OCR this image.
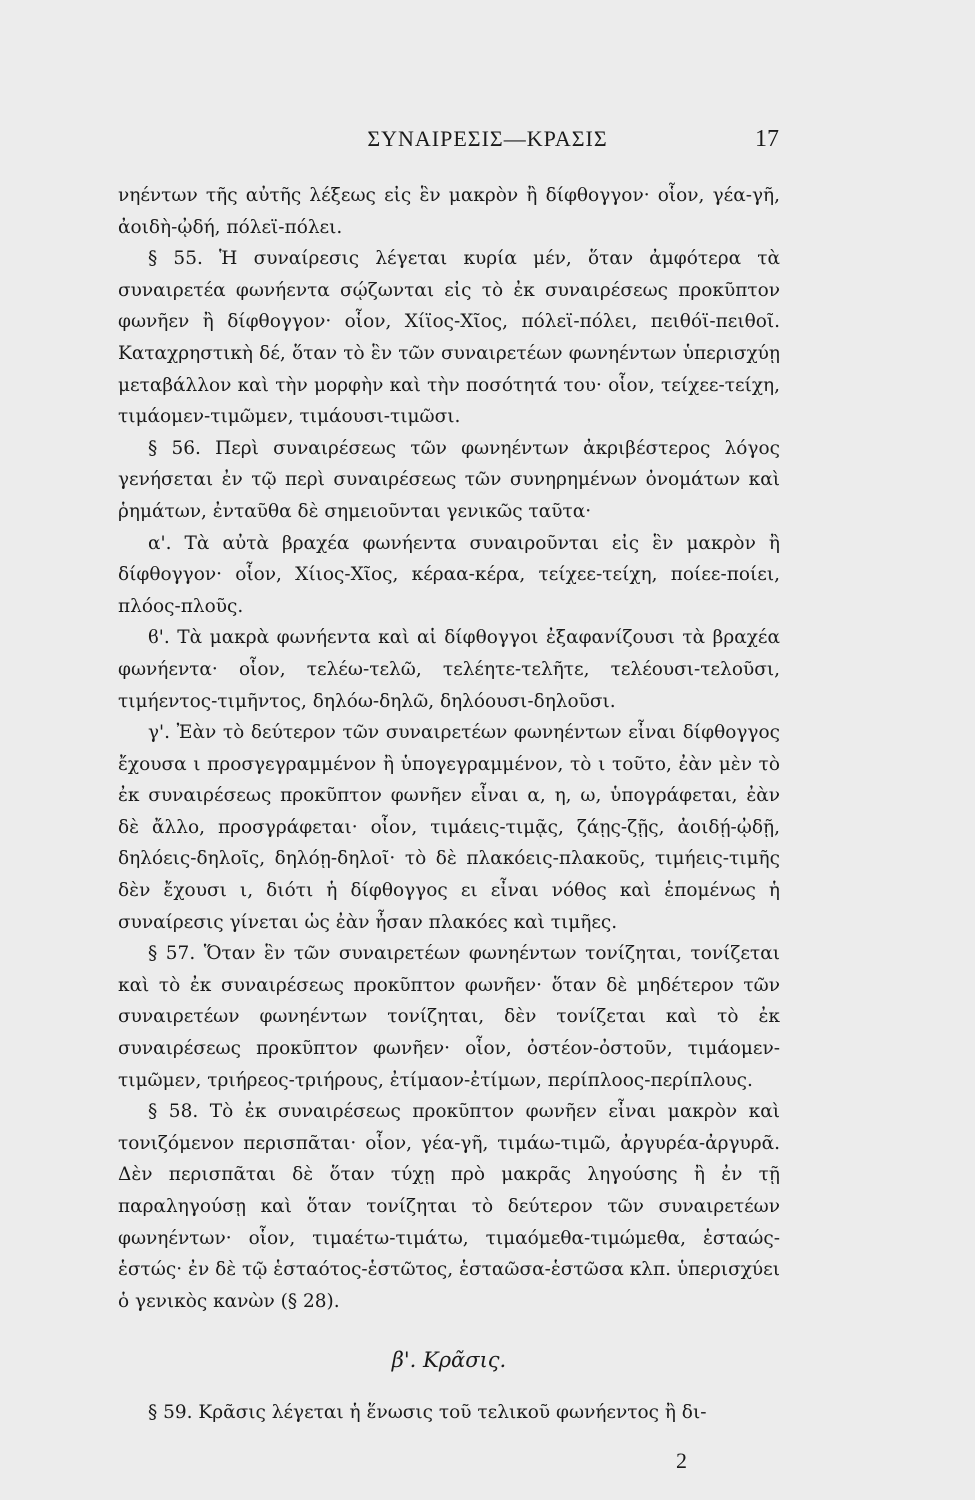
ΣΥΝΑΙΡΕΣΙΣ—ΚΡΑΣΙΣ	17

νηέντων τῆς αὐτῆς λέξεως εἰς ἓν μακρὸν ἢ δίφθογγον· οἷον, γέα-γῆ, ἀοιδὴ-ᾠδή, πόλεϊ-πόλει.

§ 55. Ἡ συναίρεσις λέγεται κυρία μέν, ὅταν ἀμφότερα τὰ συναιρετέα φωνήεντα σῴζωνται εἰς τὸ ἐκ συναιρέσεως προκῦπτον φωνῆεν ἢ δίφθογγον· οἷον, Χίϊος-Χῖος, πόλεϊ-πόλει, πειθόϊ-πειθοῖ. Καταχρηστικὴ δέ, ὅταν τὸ ἓν τῶν συναιρετέων φωνηέντων ὑπερισχύῃ μεταβάλλον καὶ τὴν μορφὴν καὶ τὴν ποσότητά του· οἷον, τείχεε-τείχη, τιμάομεν-τιμῶμεν, τιμάουσι-τιμῶσι.

§ 56. Περὶ συναιρέσεως τῶν φωνηέντων ἀκριβέστερος λόγος γενήσεται ἐν τῷ περὶ συναιρέσεως τῶν συνηρημένων ὀνομάτων καὶ ῥημάτων, ἐνταῦθα δὲ σημειοῦνται γενικῶς ταῦτα·

α'. Τὰ αὐτὰ βραχέα φωνήεντα συναιροῦνται εἰς ἓν μακρὸν ἢ δίφθογγον· οἷον, Χίιος-Χῖος, κέραα-κέρα, τείχεε-τείχη, ποίεε-ποίει, πλόος-πλοῦς.

ϐ'. Τὰ μακρὰ φωνήεντα καὶ αἱ δίφθογγοι ἐξαφανίζουσι τὰ βραχέα φωνήεντα· οἷον, τελέω-τελῶ, τελέητε-τελῆτε, τελέουσι-τελοῦσι, τιμήεντος-τιμῆντος, δηλόω-δηλῶ, δηλόουσι-δηλοῦσι.

γ'. Ἐὰν τὸ δεύτερον τῶν συναιρετέων φωνηέντων εἶναι δίφθογγος ἔχουσα ι προσγεγραμμένον ἢ ὑπογεγραμμένον, τὸ ι τοῦτο, ἐὰν μὲν τὸ ἐκ συναιρέσεως προκῦπτον φωνῆεν εἶναι α, η, ω, ὑπογράφεται, ἐὰν δὲ ἄλλο, προσγράφεται· οἷον, τιμάεις-τιμᾷς, ζάῃς-ζῇς, ἀοιδῄ-ᾠδῇ, δηλόεις-δηλοῖς, δηλόῃ-δηλοῖ· τὸ δὲ πλακόεις-πλακοῦς, τιμήεις-τιμῆς δὲν ἔχουσι ι, διότι ἡ δίφθογγος ει εἶναι νόθος καὶ ἑπομένως ἡ συναίρεσις γίνεται ὡς ἐὰν ἦσαν πλακόες καὶ τιμῆες.

§ 57. Ὅταν ἓν τῶν συναιρετέων φωνηέντων τονίζηται, τονίζεται καὶ τὸ ἐκ συναιρέσεως προκῦπτον φωνῆεν· ὅταν δὲ μηδέτερον τῶν συναιρετέων φωνηέντων τονίζηται, δὲν τονίζεται καὶ τὸ ἐκ συναιρέσεως προκῦπτον φωνῆεν· οἷον, ὀστέον-ὀστοῦν, τιμάομεν-τιμῶμεν, τριήρεος-τριήρους, ἐτίμαον-ἐτίμων, περίπλοος-περίπλους.

§ 58. Τὸ ἐκ συναιρέσεως προκῦπτον φωνῆεν εἶναι μακρὸν καὶ τονιζόμενον περισπᾶται· οἷον, γέα-γῆ, τιμάω-τιμῶ, ἀργυρέα-ἀργυρᾶ. Δὲν περισπᾶται δὲ ὅταν τύχῃ πρὸ μακρᾶς ληγούσης ἢ ἐν τῇ παραληγούσῃ καὶ ὅταν τονίζηται τὸ δεύτερον τῶν συναιρετέων φωνηέντων· οἷον, τιμαέτω-τιμάτω, τιμαόμεθα-τιμώμεθα, ἑσταώς-ἑστώς· ἐν δὲ τῷ ἑσταότος-ἑστῶτος, ἑσταῶσα-ἑστῶσα κλπ. ὑπερισχύει ὁ γενικὸς κανὼν (§ 28).

β'. Κρᾶσις.

§ 59. Κρᾶσις λέγεται ἡ ἕνωσις τοῦ τελικοῦ φωνήεντος ἢ δι-

2
